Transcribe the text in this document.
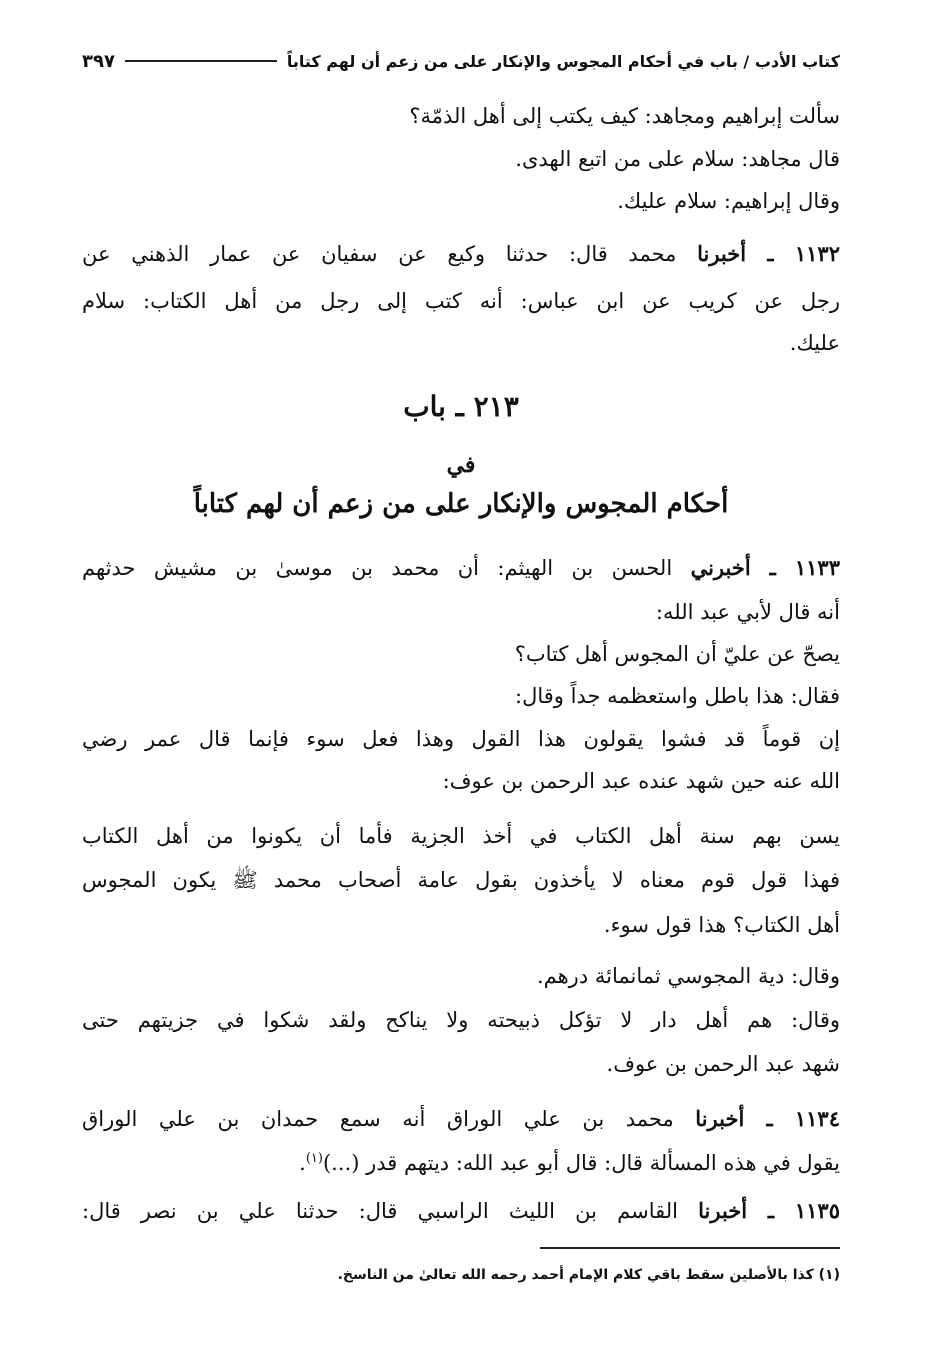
كتاب الأدب / باب في أحكام المجوس والإنكار على من زعم أن لهم كتاباً
٣٩٧
سألت إبراهيم ومجاهد: كيف يكتب إلى أهل الذمّة؟
قال مجاهد: سلام على من اتبع الهدى.
وقال إبراهيم: سلام عليك.
١١٣٢ ـ أخبرنا محمد قال: حدثنا وكيع عن سفيان عن عمار الذهني عن
رجل عن كريب عن ابن عباس: أنه كتب إلى رجل من أهل الكتاب: سلام
عليك.
٢١٣ ـ باب
في
أحكام المجوس والإنكار على من زعم أن لهم كتاباً
١١٣٣ ـ أخبرني الحسن بن الهيثم: أن محمد بن موسىٰ بن مشيش حدثهم
أنه قال لأبي عبد الله:
يصحّ عن عليّ أن المجوس أهل كتاب؟
فقال: هذا باطل واستعظمه جداً وقال:
إن قوماً قد فشوا يقولون هذا القول وهذا فعل سوء فإنما قال عمر رضي
الله عنه حين شهد عنده عبد الرحمن بن عوف:
يسن بهم سنة أهل الكتاب في أخذ الجزية فأما أن يكونوا من أهل الكتاب
فهذا قول قوم معناه لا يأخذون بقول عامة أصحاب محمد ﷺ يكون المجوس
أهل الكتاب؟ هذا قول سوء.
وقال: دية المجوسي ثمانمائة درهم.
وقال: هم أهل دار لا تؤكل ذبيحته ولا يناكح ولقد شكوا في جزيتهم حتى
شهد عبد الرحمن بن عوف.
١١٣٤ ـ أخبرنا محمد بن علي الوراق أنه سمع حمدان بن علي الوراق
يقول في هذه المسألة قال: قال أبو عبد الله: ديتهم قدر (...)$^{(١)}$.
١١٣٥ ـ أخبرنا القاسم بن الليث الراسبي قال: حدثنا علي بن نصر قال:
(١) كذا بالأصلين سقط باقي كلام الإمام أحمد رحمه الله تعالىٰ من الناسخ.
